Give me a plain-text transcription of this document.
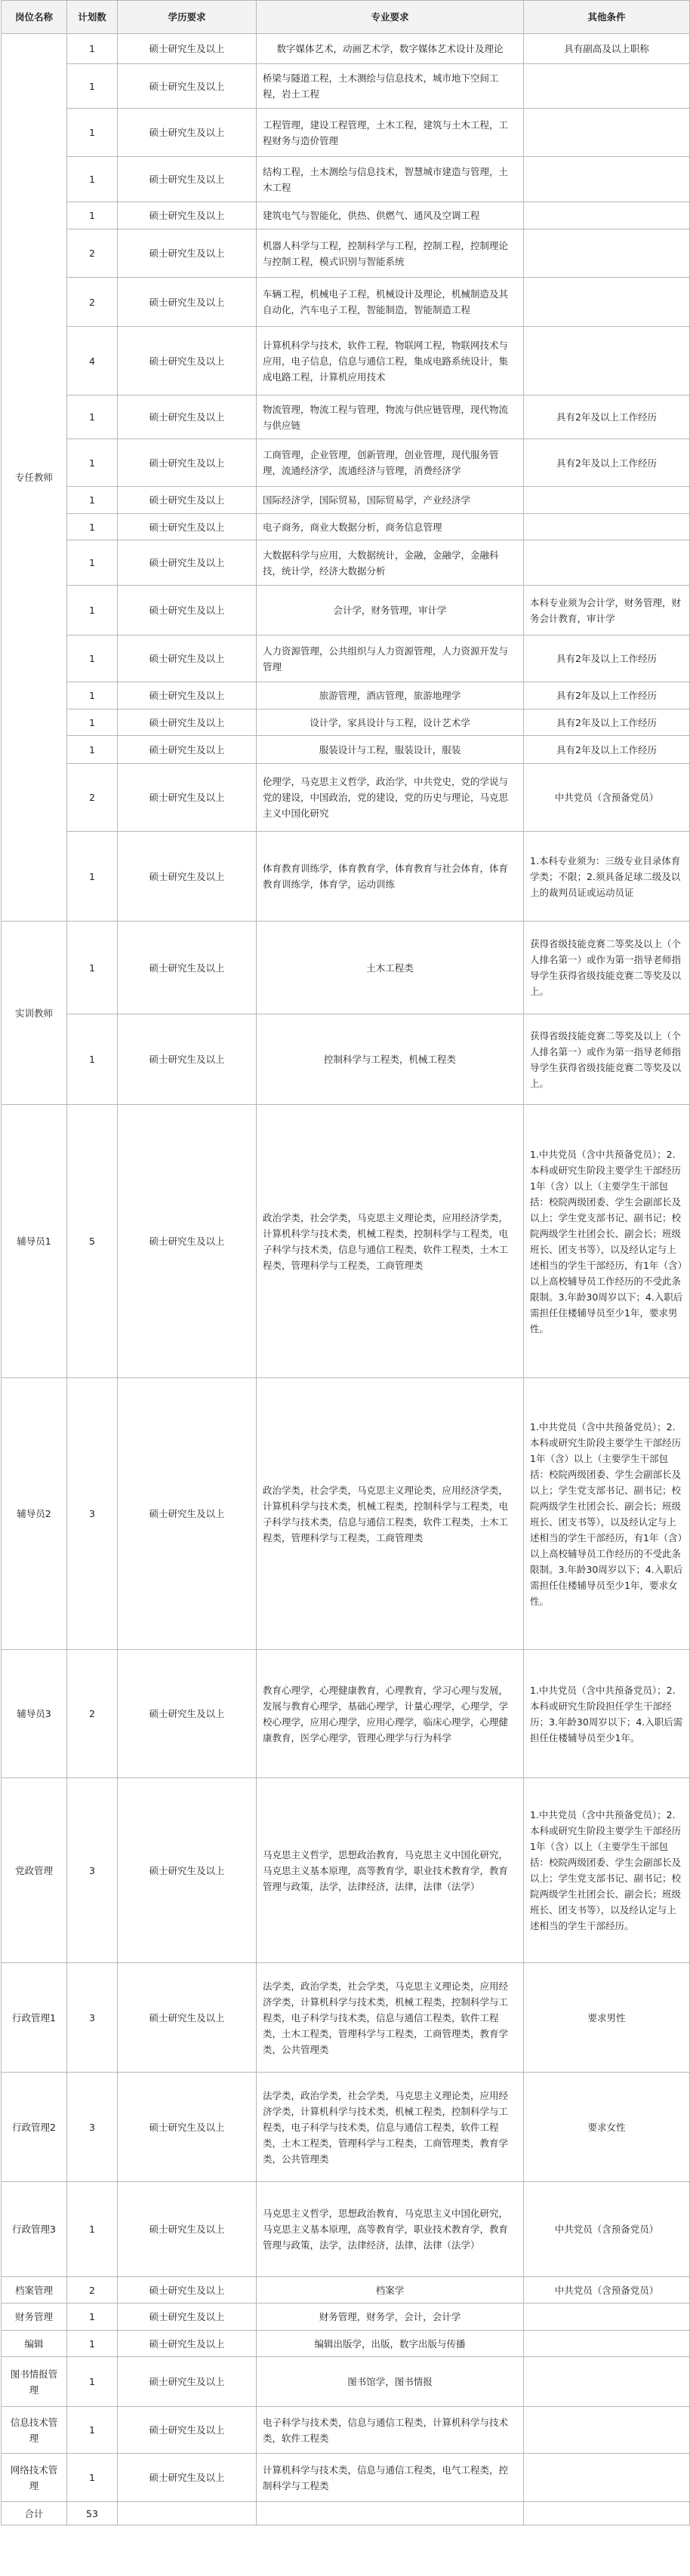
岗位名称	计划数	学历要求	专业要求	其他条件
专任教师	1	硕士研究生及以上	数字媒体艺术，动画艺术学，数字媒体艺术设计及理论	具有副高及以上职称
	1	硕士研究生及以上	桥梁与隧道工程，土木测绘与信息技术，城市地下空间工程，岩土工程	
	1	硕士研究生及以上	工程管理，建设工程管理，土木工程，建筑与土木工程，工程财务与造价管理	
	1	硕士研究生及以上	结构工程，土木测绘与信息技术，智慧城市建造与管理，土木工程	
	1	硕士研究生及以上	建筑电气与智能化，供热、供燃气、通风及空调工程	
	2	硕士研究生及以上	机器人科学与工程，控制科学与工程，控制工程，控制理论与控制工程，模式识别与智能系统	
	2	硕士研究生及以上	车辆工程，机械电子工程，机械设计及理论，机械制造及其自动化，汽车电子工程，智能制造，智能制造工程	
	4	硕士研究生及以上	计算机科学与技术，软件工程，物联网工程，物联网技术与应用，电子信息，信息与通信工程，集成电路系统设计，集成电路工程，计算机应用技术	
	1	硕士研究生及以上	物流管理，物流工程与管理，物流与供应链管理，现代物流与供应链	具有2年及以上工作经历
	1	硕士研究生及以上	工商管理，企业管理，创新管理，创业管理，现代服务管理，流通经济学，流通经济与管理，消费经济学	具有2年及以上工作经历
	1	硕士研究生及以上	国际经济学，国际贸易，国际贸易学，产业经济学	
	1	硕士研究生及以上	电子商务，商业大数据分析，商务信息管理	
	1	硕士研究生及以上	大数据科学与应用，大数据统计，金融，金融学，金融科技，统计学，经济大数据分析	
	1	硕士研究生及以上	会计学，财务管理，审计学	本科专业须为会计学，财务管理，财务会计教育，审计学
	1	硕士研究生及以上	人力资源管理，公共组织与人力资源管理，人力资源开发与管理	具有2年及以上工作经历
	1	硕士研究生及以上	旅游管理，酒店管理，旅游地理学	具有2年及以上工作经历
	1	硕士研究生及以上	设计学，家具设计与工程，设计艺术学	具有2年及以上工作经历
	1	硕士研究生及以上	服装设计与工程，服装设计，服装	具有2年及以上工作经历
	2	硕士研究生及以上	伦理学，马克思主义哲学，政治学，中共党史，党的学说与党的建设，中国政治，党的建设，党的历史与理论，马克思主义中国化研究	中共党员（含预备党员）
	1	硕士研究生及以上	体育教育训练学，体育教育学，体育教育与社会体育，体育教育训练学，体育学，运动训练	1.本科专业须为：三级专业目录体育学类；不限；2.须具备足球二级及以上的裁判员证或运动员证
实训教师	1	硕士研究生及以上	土木工程类	获得省级技能竞赛二等奖及以上（个人排名第一）或作为第一指导老师指导学生获得省级技能竞赛二等奖及以上。
	1	硕士研究生及以上	控制科学与工程类，机械工程类	获得省级技能竞赛二等奖及以上（个人排名第一）或作为第一指导老师指导学生获得省级技能竞赛二等奖及以上。
辅导员1	5	硕士研究生及以上	政治学类，社会学类，马克思主义理论类，应用经济学类，计算机科学与技术类，机械工程类，控制科学与工程类，电子科学与技术类，信息与通信工程类，软件工程类，土木工程类，管理科学与工程类，工商管理类	1.中共党员（含中共预备党员）；2.本科或研究生阶段主要学生干部经历1年（含）以上（主要学生干部包括：校院两级团委、学生会副部长及以上；学生党支部书记、副书记；校院两级学生社团会长、副会长；班级班长、团支书等），以及经认定与上述相当的学生干部经历，有1年（含）以上高校辅导员工作经历的不受此条限制。3.年龄30周岁以下；4.入职后需担任住楼辅导员至少1年，要求男性。
辅导员2	3	硕士研究生及以上	政治学类，社会学类，马克思主义理论类，应用经济学类，计算机科学与技术类，机械工程类，控制科学与工程类，电子科学与技术类，信息与通信工程类，软件工程类，土木工程类，管理科学与工程类，工商管理类	1.中共党员（含中共预备党员）；2.本科或研究生阶段主要学生干部经历1年（含）以上（主要学生干部包括：校院两级团委、学生会副部长及以上；学生党支部书记、副书记；校院两级学生社团会长、副会长；班级班长、团支书等），以及经认定与上述相当的学生干部经历，有1年（含）以上高校辅导员工作经历的不受此条限制。3.年龄30周岁以下；4.入职后需担任住楼辅导员至少1年，要求女性。
辅导员3	2	硕士研究生及以上	教育心理学，心理健康教育，心理教育，学习心理与发展，发展与教育心理学，基础心理学，计量心理学，心理学，学校心理学，应用心理学，应用心理学，临床心理学，心理健康教育，医学心理学，管理心理学与行为科学	1.中共党员（含中共预备党员）；2.本科或研究生阶段担任学生干部经历；3.年龄30周岁以下；4.入职后需担任住楼辅导员至少1年。
党政管理	3	硕士研究生及以上	马克思主义哲学，思想政治教育，马克思主义中国化研究，马克思主义基本原理，高等教育学，职业技术教育学，教育管理与政策，法学，法律经济，法律，法律（法学）	1.中共党员（含中共预备党员）；2.本科或研究生阶段主要学生干部经历1年（含）以上（主要学生干部包括：校院两级团委、学生会副部长及以上；学生党支部书记、副书记；校院两级学生社团会长、副会长；班级班长、团支书等），以及经认定与上述相当的学生干部经历。
行政管理1	3	硕士研究生及以上	法学类，政治学类，社会学类，马克思主义理论类，应用经济学类，计算机科学与技术类，机械工程类，控制科学与工程类，电子科学与技术类，信息与通信工程类，软件工程类，土木工程类，管理科学与工程类，工商管理类，教育学类，公共管理类	要求男性
行政管理2	3	硕士研究生及以上	法学类，政治学类，社会学类，马克思主义理论类，应用经济学类，计算机科学与技术类，机械工程类，控制科学与工程类，电子科学与技术类，信息与通信工程类，软件工程类，土木工程类，管理科学与工程类，工商管理类，教育学类，公共管理类	要求女性
行政管理3	1	硕士研究生及以上	马克思主义哲学，思想政治教育，马克思主义中国化研究，马克思主义基本原理，高等教育学，职业技术教育学，教育管理与政策，法学，法律经济，法律，法律（法学）	中共党员（含预备党员）
档案管理	2	硕士研究生及以上	档案学	中共党员（含预备党员）
财务管理	1	硕士研究生及以上	财务管理，财务学，会计，会计学	
编辑	1	硕士研究生及以上	编辑出版学，出版，数字出版与传播	
图书情报管理	1	硕士研究生及以上	图书馆学，图书情报	
信息技术管理	1	硕士研究生及以上	电子科学与技术类，信息与通信工程类，计算机科学与技术类，软件工程类	
网络技术管理	1	硕士研究生及以上	计算机科学与技术类，信息与通信工程类，电气工程类，控制科学与工程类	
合计	53			
